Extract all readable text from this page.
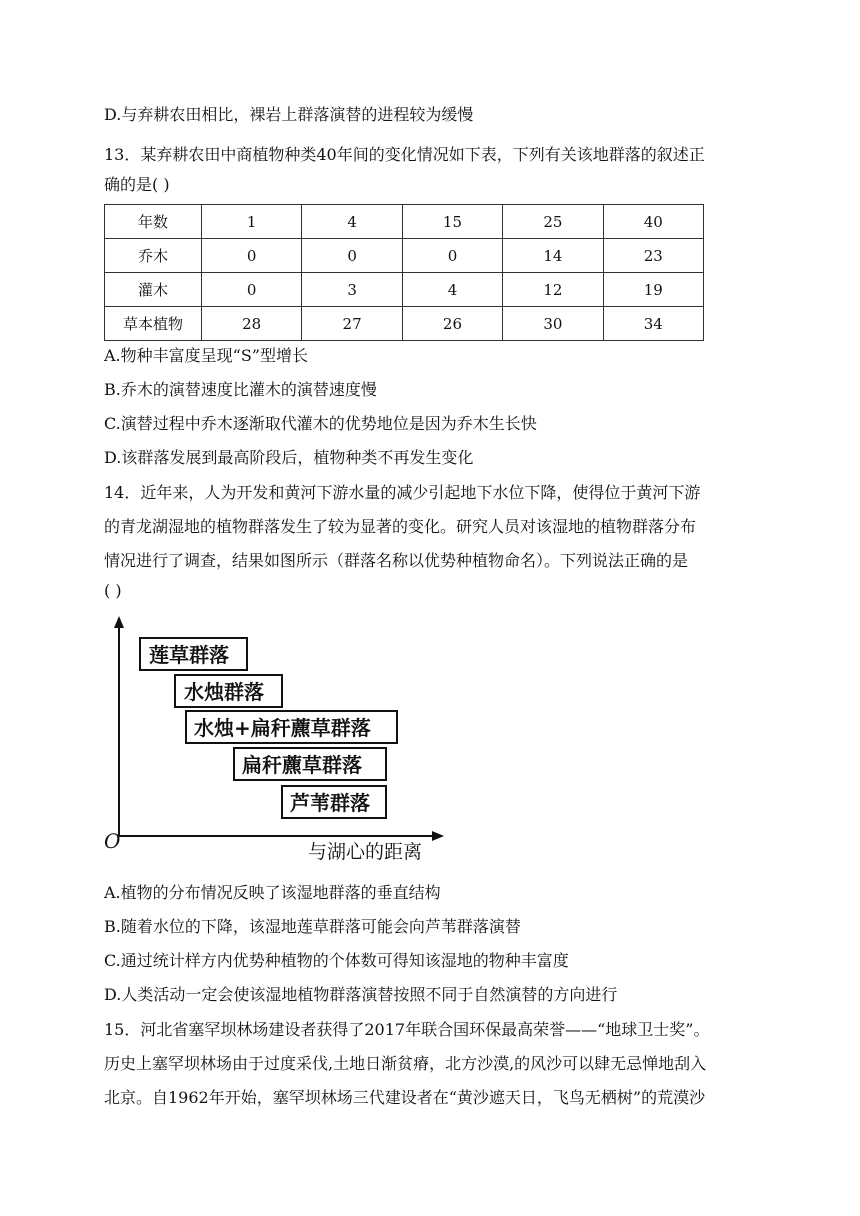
D.与弃耕农田相比，裸岩上群落演替的进程较为缓慢
13．某弃耕农田中商植物种类40年间的变化情况如下表，下列有关该地群落的叙述正
确的是( )
年数	1	4	15	25	40
乔木	0	0	0	14	23
灌木	0	3	4	12	19
草本植物	28	27	26	30	34
A.物种丰富度呈现“S”型增长
B.乔木的演替速度比灌木的演替速度慢
C.演替过程中乔木逐渐取代灌木的优势地位是因为乔木生长快
D.该群落发展到最高阶段后，植物种类不再发生变化
14．近年来，人为开发和黄河下游水量的减少引起地下水位下降，使得位于黄河下游
的青龙湖湿地的植物群落发生了较为显著的变化。研究人员对该湿地的植物群落分布
情况进行了调查，结果如图所示（群落名称以优势种植物命名）。下列说法正确的是
( )
O	与湖心的距离
莲草群落
水烛群落
水烛+扁秆藨草群落
扁秆藨草群落
芦苇群落
A.植物的分布情况反映了该湿地群落的垂直结构
B.随着水位的下降，该湿地莲草群落可能会向芦苇群落演替
C.通过统计样方内优势种植物的个体数可得知该湿地的物种丰富度
D.人类活动一定会使该湿地植物群落演替按照不同于自然演替的方向进行
15．河北省塞罕坝林场建设者获得了2017年联合国环保最高荣誉——“地球卫士奖”。
历史上塞罕坝林场由于过度采伐,土地日渐贫瘠，北方沙漠,的风沙可以肆无忌惮地刮入
北京。自1962年开始，塞罕坝林场三代建设者在“黄沙遮天日，飞鸟无栖树”的荒漠沙
